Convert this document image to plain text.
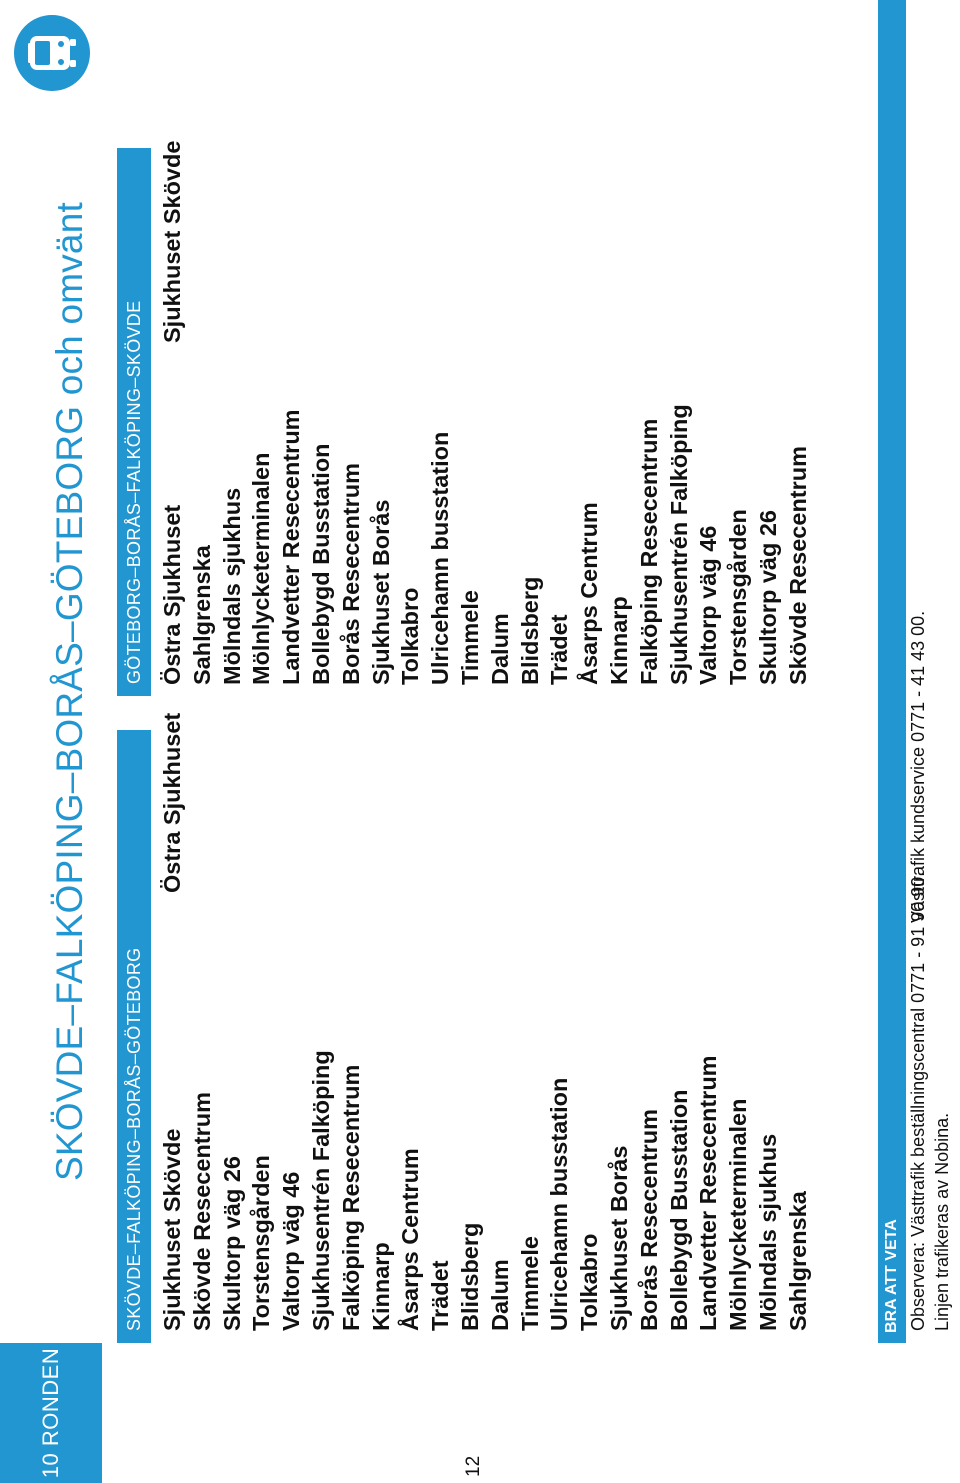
10 RONDEN
SKÖVDE–FALKÖPING–BORÅS–GÖTEBORG och omvänt
SKÖVDE–FALKÖPING–BORÅS–GÖTEBORG
GÖTEBORG–BORÅS–FALKÖPING–SKÖVDE
Sjukhuset Skövde Skövde Resecentrum Skultorp väg 26 Torstensgården Valtorp väg 46 Sjukhusentrén Falköping Falköping Resecentrum Kinnarp Åsarps Centrum Trädet Blidsberg Dalum Timmele Ulricehamn busstation Tolkabro Sjukhuset Borås Borås Resecentrum Bollebygd Busstation Landvetter Resecentrum Mölnlycketerminalen Mölndals sjukhus Sahlgrenska
Östra Sjukhuset Sahlgrenska Mölndals sjukhus Mölnlycketerminalen Landvetter Resecentrum Bollebygd Busstation Borås Resecentrum Sjukhuset Borås Tolkabro Ulricehamn busstation Timmele Dalum Blidsberg Trädet Åsarps Centrum Kinnarp Falköping Resecentrum Sjukhusentrén Falköping Valtorp väg 46 Torstensgården Skultorp väg 26 Skövde Resecentrum
Östra Sjukhuset
Sjukhuset Skövde
BRA ATT VETA Observera: Västtrafik beställningscentral 0771 - 91 90 90. Linjen trafikeras av Nobina.
Västtrafik kundservice 0771 - 41 43 00.
12
